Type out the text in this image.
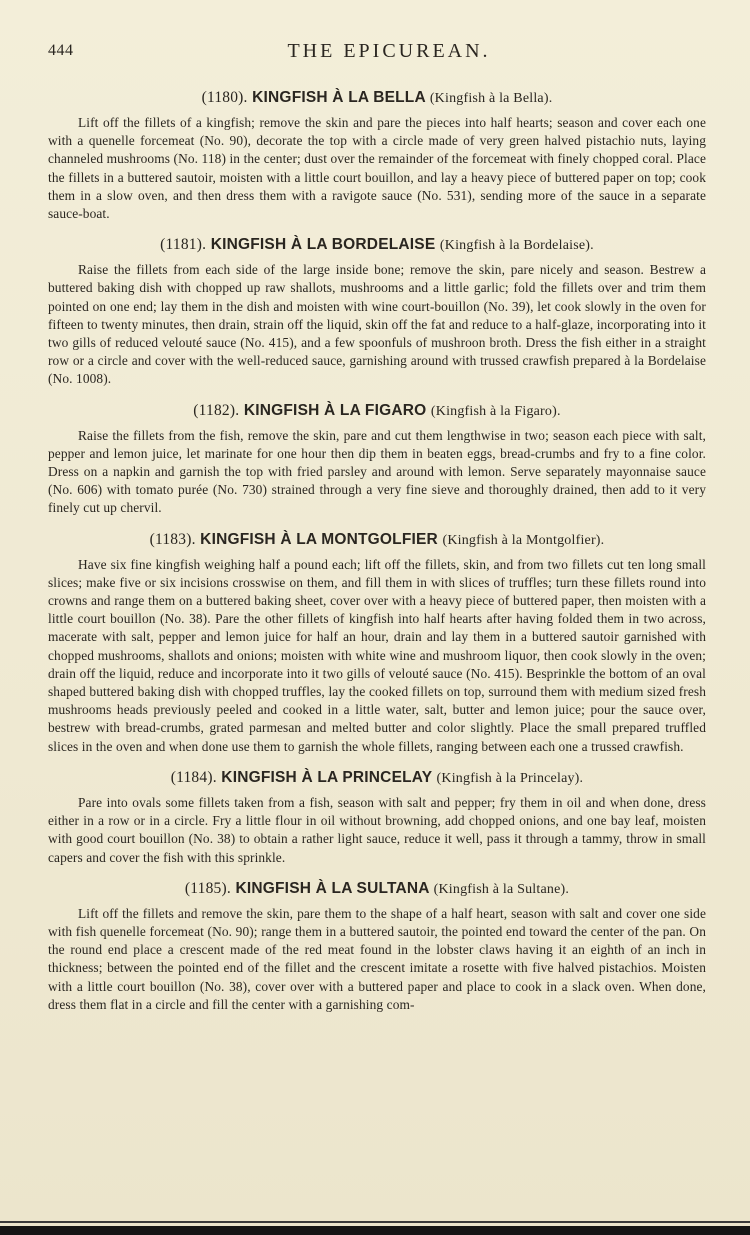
444	THE EPICUREAN.
(1180). KINGFISH À LA BELLA (Kingfish à la Bella).

Lift off the fillets of a kingfish; remove the skin and pare the pieces into half hearts; season and cover each one with a quenelle forcemeat (No. 90), decorate the top with a circle made of very green halved pistachio nuts, laying channeled mushrooms (No. 118) in the center; dust over the remainder of the forcemeat with finely chopped coral. Place the fillets in a buttered sautoir, moisten with a little court bouillon, and lay a heavy piece of buttered paper on top; cook them in a slow oven, and then dress them with a ravigote sauce (No. 531), sending more of the sauce in a separate sauce-boat.

(1181). KINGFISH À LA BORDELAISE (Kingfish à la Bordelaise).

Raise the fillets from each side of the large inside bone; remove the skin, pare nicely and season. Bestrew a buttered baking dish with chopped up raw shallots, mushrooms and a little garlic; fold the fillets over and trim them pointed on one end; lay them in the dish and moisten with wine court-bouillon (No. 39), let cook slowly in the oven for fifteen to twenty minutes, then drain, strain off the liquid, skin off the fat and reduce to a half-glaze, incorporating into it two gills of reduced velouté sauce (No. 415), and a few spoonfuls of mushroon broth. Dress the fish either in a straight row or a circle and cover with the well-reduced sauce, garnishing around with trussed crawfish prepared à la Bordelaise (No. 1008).

(1182). KINGFISH À LA FIGARO (Kingfish à la Figaro).

Raise the fillets from the fish, remove the skin, pare and cut them lengthwise in two; season each piece with salt, pepper and lemon juice, let marinate for one hour then dip them in beaten eggs, bread-crumbs and fry to a fine color. Dress on a napkin and garnish the top with fried parsley and around with lemon. Serve separately mayonnaise sauce (No. 606) with tomato purée (No. 730) strained through a very fine sieve and thoroughly drained, then add to it very finely cut up chervil.

(1183). KINGFISH À LA MONTGOLFIER (Kingfish à la Montgolfier).

Have six fine kingfish weighing half a pound each; lift off the fillets, skin, and from two fillets cut ten long small slices; make five or six incisions crosswise on them, and fill them in with slices of truffles; turn these fillets round into crowns and range them on a buttered baking sheet, cover over with a heavy piece of buttered paper, then moisten with a little court bouillon (No. 38). Pare the other fillets of kingfish into half hearts after having folded them in two across, macerate with salt, pepper and lemon juice for half an hour, drain and lay them in a buttered sautoir garnished with chopped mushrooms, shallots and onions; moisten with white wine and mushroom liquor, then cook slowly in the oven; drain off the liquid, reduce and incorporate into it two gills of velouté sauce (No. 415). Besprinkle the bottom of an oval shaped buttered baking dish with chopped truffles, lay the cooked fillets on top, surround them with medium sized fresh mushrooms heads previously peeled and cooked in a little water, salt, butter and lemon juice; pour the sauce over, bestrew with bread-crumbs, grated parmesan and melted butter and color slightly. Place the small prepared truffled slices in the oven and when done use them to garnish the whole fillets, ranging between each one a trussed crawfish.

(1184). KINGFISH À LA PRINCELAY (Kingfish à la Princelay).

Pare into ovals some fillets taken from a fish, season with salt and pepper; fry them in oil and when done, dress either in a row or in a circle. Fry a little flour in oil without browning, add chopped onions, and one bay leaf, moisten with good court bouillon (No. 38) to obtain a rather light sauce, reduce it well, pass it through a tammy, throw in small capers and cover the fish with this sprinkle.

(1185). KINGFISH À LA SULTANA (Kingfish à la Sultane).

Lift off the fillets and remove the skin, pare them to the shape of a half heart, season with salt and cover one side with fish quenelle forcemeat (No. 90); range them in a buttered sautoir, the pointed end toward the center of the pan. On the round end place a crescent made of the red meat found in the lobster claws having it an eighth of an inch in thickness; between the pointed end of the fillet and the crescent imitate a rosette with five halved pistachios. Moisten with a little court bouillon (No. 38), cover over with a buttered paper and place to cook in a slack oven. When done, dress them flat in a circle and fill the center with a garnishing com-
